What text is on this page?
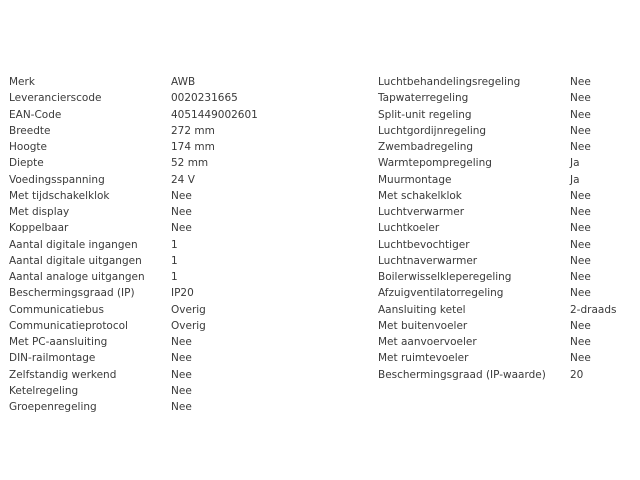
Merk	AWB
Leverancierscode	0020231665
EAN-Code	4051449002601
Breedte	272 mm
Hoogte	174 mm
Diepte	52 mm
Voedingsspanning	24 V
Met tijdschakelklok	Nee
Met display	Nee
Koppelbaar	Nee
Aantal digitale ingangen	1
Aantal digitale uitgangen	1
Aantal analoge uitgangen	1
Beschermingsgraad (IP)	IP20
Communicatiebus	Overig
Communicatieprotocol	Overig
Met PC-aansluiting	Nee
DIN-railmontage	Nee
Zelfstandig werkend	Nee
Ketelregeling	Nee
Groepenregeling	Nee
Luchtbehandelingsregeling	Nee
Tapwaterregeling	Nee
Split-unit regeling	Nee
Luchtgordijnregeling	Nee
Zwembadregeling	Nee
Warmtepompregeling	Ja
Muurmontage	Ja
Met schakelklok	Nee
Luchtverwarmer	Nee
Luchtkoeler	Nee
Luchtbevochtiger	Nee
Luchtnaverwarmer	Nee
Boilerwisselkleperegeling	Nee
Afzuigventilatorregeling	Nee
Aansluiting ketel	2-draads
Met buitenvoeler	Nee
Met aanvoervoeler	Nee
Met ruimtevoeler	Nee
Beschermingsgraad (IP-waarde) 20
